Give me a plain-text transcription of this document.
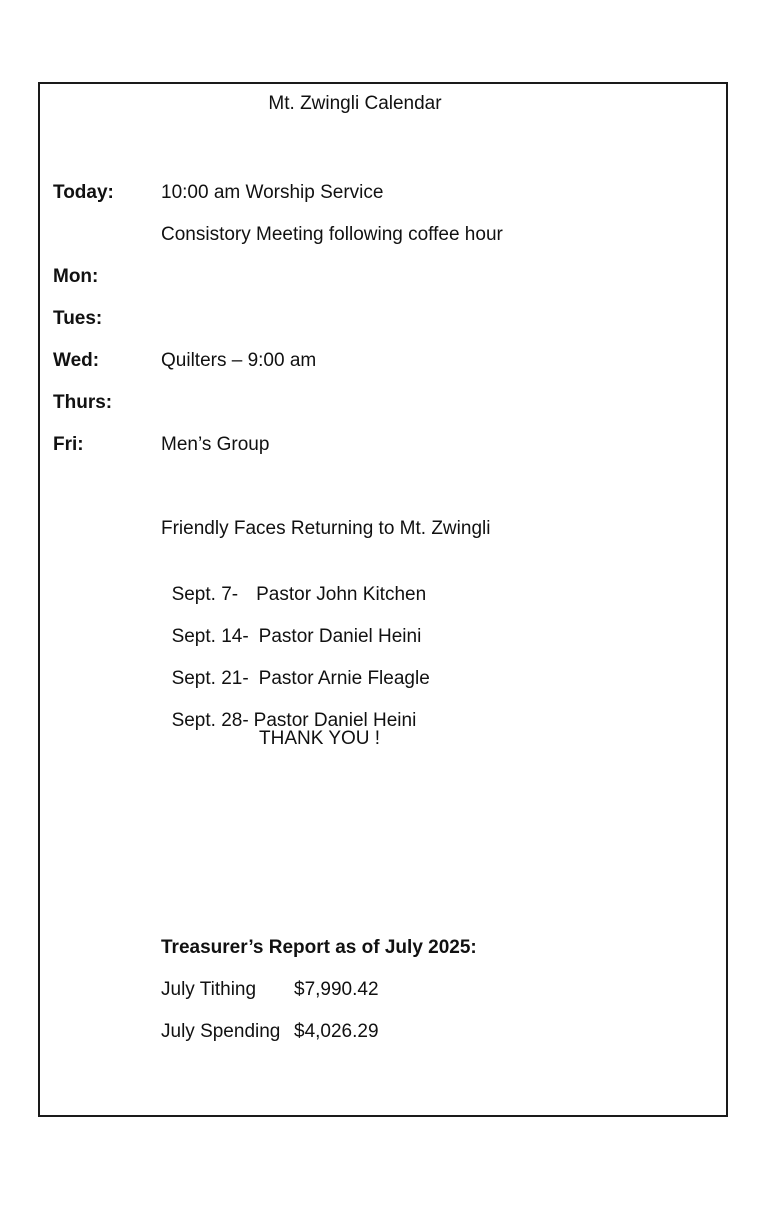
Mt. Zwingli Calendar
Today: 10:00 am Worship Service
Consistory Meeting following coffee hour
Mon:
Tues:
Wed:	Quilters – 9:00 am
Thurs:
Fri:	Men’s Group
Friendly Faces Returning to Mt. Zwingli

Sept. 7- Pastor John Kitchen

Sept. 14- Pastor Daniel Heini

Sept. 21- Pastor Arnie Fleagle

Sept. 28- Pastor Daniel Heini

THANK YOU !
Treasurer’s Report as of July 2025:
July Tithing $7,990.42
July Spending $4,026.29
